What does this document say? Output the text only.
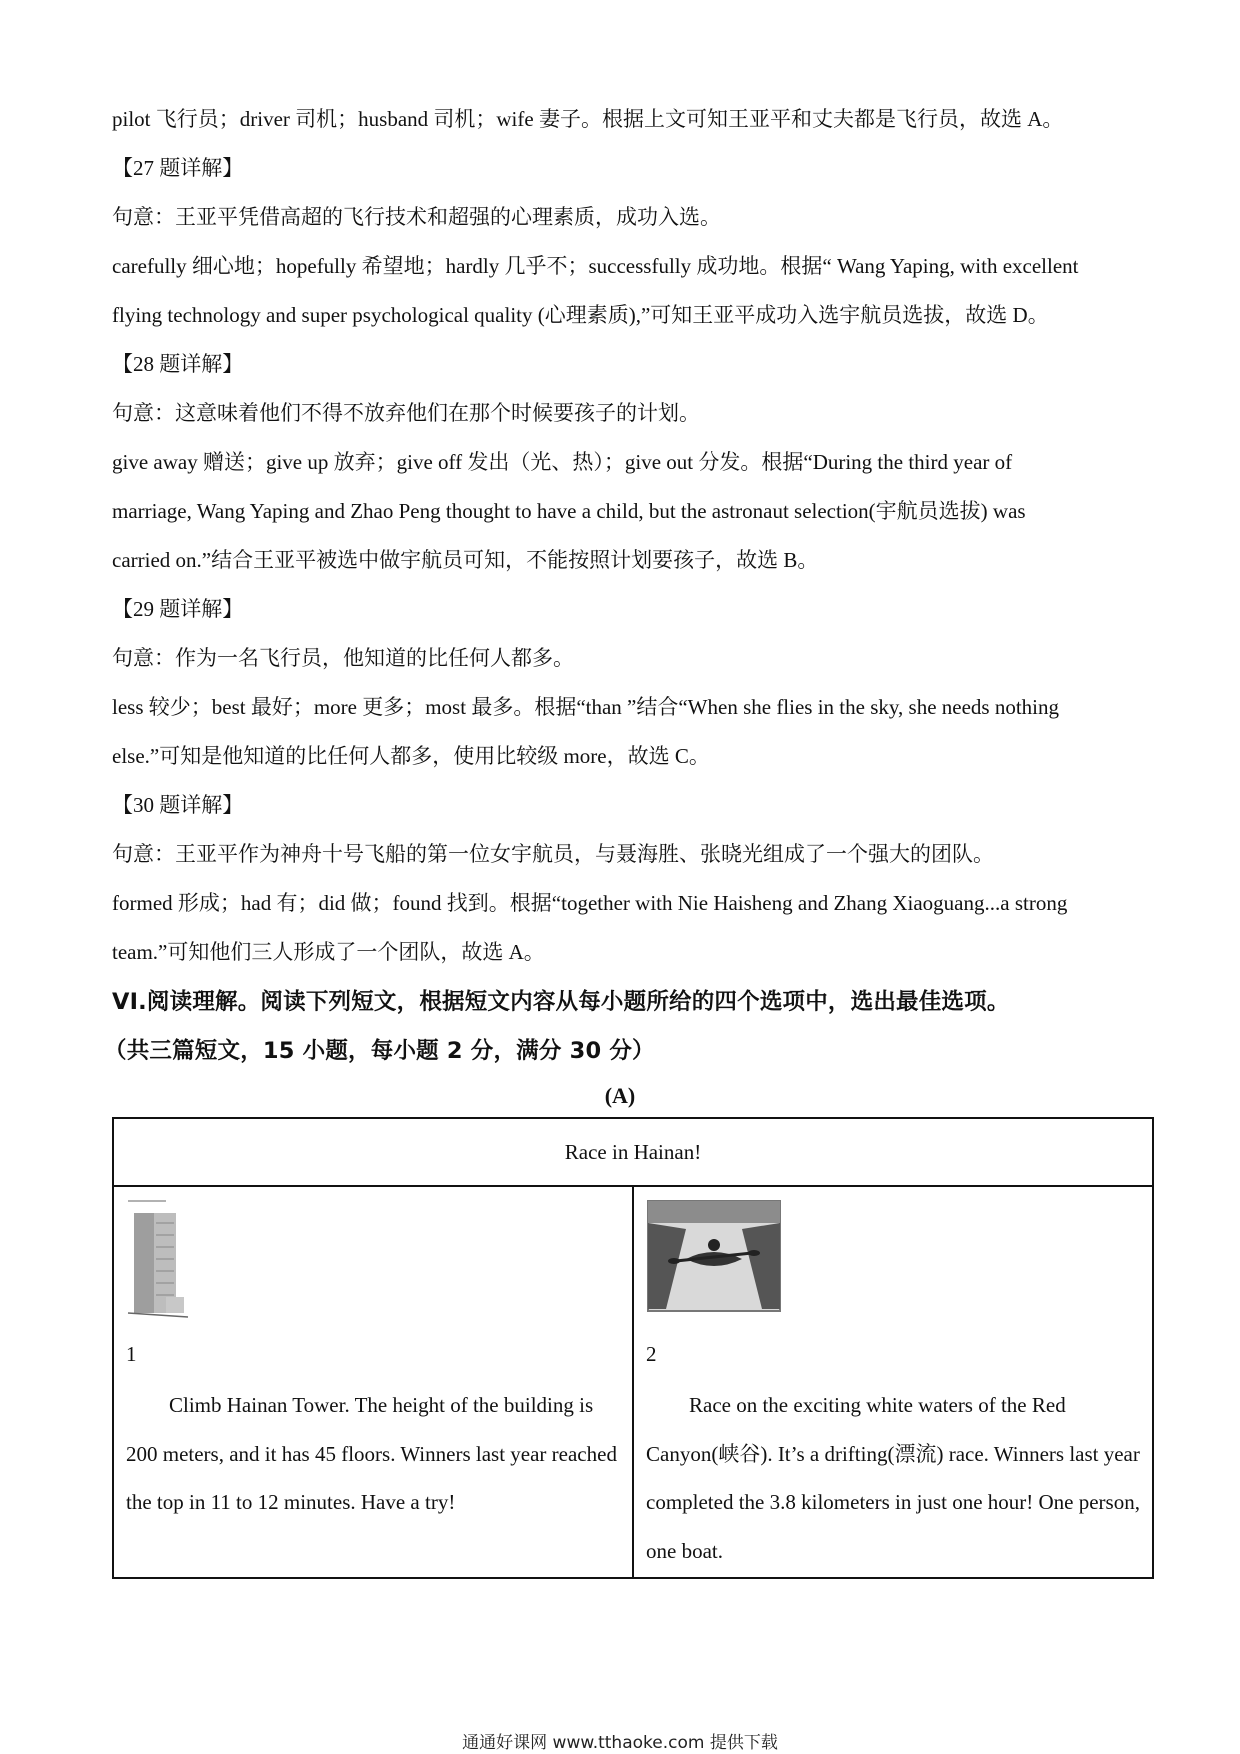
pilot 飞行员；driver 司机；husband 司机；wife 妻子。根据上文可知王亚平和丈夫都是飞行员，故选 A。
【27 题详解】
句意：王亚平凭借高超的飞行技术和超强的心理素质，成功入选。
carefully 细心地；hopefully 希望地；hardly 几乎不；successfully 成功地。根据“ Wang Yaping, with excellent
flying technology and super psychological quality (心理素质),”可知王亚平成功入选宇航员选拔，故选 D。
【28 题详解】
句意：这意味着他们不得不放弃他们在那个时候要孩子的计划。
give away 赠送；give up 放弃；give off 发出（光、热）；give out 分发。根据“During the third year of
marriage, Wang Yaping and Zhao Peng thought to have a child, but the astronaut selection(宇航员选拔) was
carried on.”结合王亚平被选中做宇航员可知，不能按照计划要孩子，故选 B。
【29 题详解】
句意：作为一名飞行员，他知道的比任何人都多。
less 较少；best 最好；more 更多；most 最多。根据“than ”结合“When she flies in the sky, she needs nothing
else.”可知是他知道的比任何人都多，使用比较级 more，故选 C。
【30 题详解】
句意：王亚平作为神舟十号飞船的第一位女宇航员，与聂海胜、张晓光组成了一个强大的团队。
formed 形成；had 有；did 做；found 找到。根据“together with Nie Haisheng and Zhang Xiaoguang...a strong
team.”可知他们三人形成了一个团队，故选 A。
VI.阅读理解。阅读下列短文，根据短文内容从每小题所给的四个选项中，选出最佳选项。
（共三篇短文，15 小题，每小题 2 分，满分 30 分）
(A)
Race in Hainan!

1
Climb Hainan Tower. The height of the building is 200 meters, and it has 45 floors. Winners last year reached the top in 11 to 12 minutes. Have a try!

2
Race on the exciting white waters of the Red Canyon(峡谷). It’s a drifting(漂流) race. Winners last year completed the 3.8 kilometers in just one hour! One person, one boat.
通通好课网 www.tthaoke.com 提供下载
